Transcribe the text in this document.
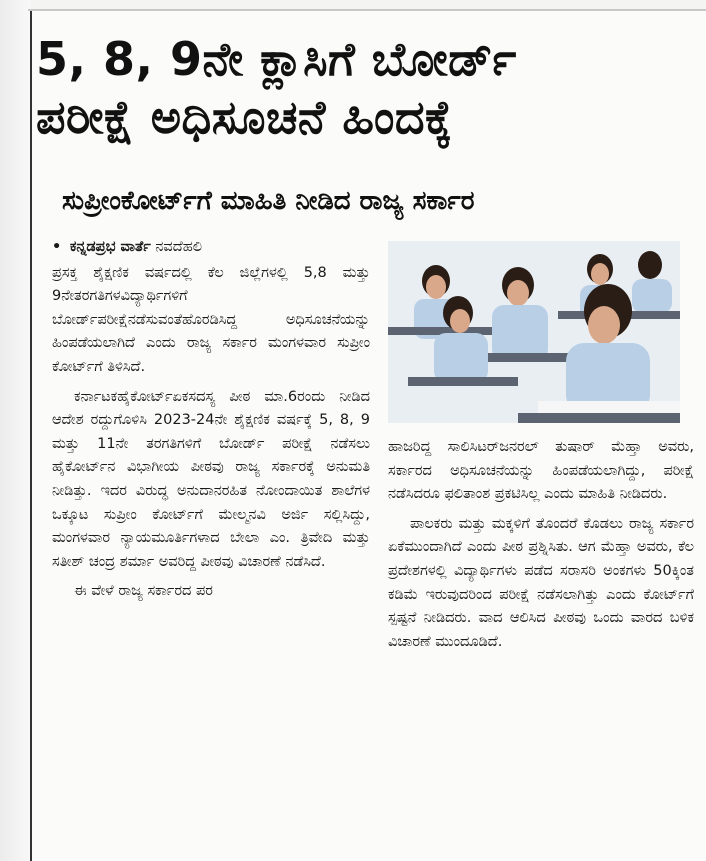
5, 8, 9ನೇ ಕ್ಲಾಸಿಗೆ ಬೋರ್ಡ್
ಪರೀಕ್ಷೆ ಅಧಿಸೂಚನೆ ಹಿಂದಕ್ಕೆ
ಸುಪ್ರೀಂಕೋರ್ಟ್‌ಗೆ ಮಾಹಿತಿ ನೀಡಿದ ರಾಜ್ಯ ಸರ್ಕಾರ
• ಕನ್ನಡಪ್ರಭ ವಾರ್ತೆ ನವದೆಹಲಿ

ಪ್ರಸಕ್ತ ಶೈಕ್ಷಣಿಕ ವರ್ಷದಲ್ಲಿ ಕೆಲ ಜಿಲ್ಲೆಗಳಲ್ಲಿ 5,8 ಮತ್ತು 9ನೇತರಗತಿಗಳವಿದ್ಯಾರ್ಥಿಗಳಿಗೆ ಬೋರ್ಡ್‌ಪರೀಕ್ಷೆನಡೆಸುವಂತೆಹೊರಡಿಸಿದ್ದ ಅಧಿಸೂಚನೆಯನ್ನು ಹಿಂಪಡೆಯಲಾಗಿದೆ ಎಂದು ರಾಜ್ಯ ಸರ್ಕಾರ ಮಂಗಳವಾರ ಸುಪ್ರೀಂ ಕೋರ್ಟ್‌ಗೆ ತಿಳಿಸಿದೆ.

ಕರ್ನಾಟಕಹೈಕೋರ್ಟ್‌ಏಕಸದಸ್ಯ ಪೀಠ ಮಾ.6ರಂದು ನೀಡಿದ ಆದೇಶ ರದ್ದುಗೊಳಿಸಿ 2023-24ನೇ ಶೈಕ್ಷಣಿಕ ವರ್ಷಕ್ಕೆ 5, 8, 9 ಮತ್ತು 11ನೇ ತರಗತಿಗಳಿಗೆ ಬೋರ್ಡ್ ಪರೀಕ್ಷೆ ನಡೆಸಲು ಹೈಕೋರ್ಟ್‌ನ ವಿಭಾಗೀಯ ಪೀಠವು ರಾಜ್ಯ ಸರ್ಕಾರಕ್ಕೆ ಅನುಮತಿ ನೀಡಿತ್ತು. ಇದರ ವಿರುದ್ಧ ಅನುದಾನರಹಿತ ನೋಂದಾಯಿತ ಶಾಲೆಗಳ ಒಕ್ಕೂಟ ಸುಪ್ರೀಂ ಕೋರ್ಟ್‌ಗೆ ಮೇಲ್ಮನವಿ ಅರ್ಜಿ ಸಲ್ಲಿಸಿದ್ದು, ಮಂಗಳವಾರ ನ್ಯಾಯಮೂರ್ತಿಗಳಾದ ಬೇಲಾ ಎಂ. ತ್ರಿವೇದಿ ಮತ್ತು ಸತೀಶ್ ಚಂದ್ರ ಶರ್ಮಾ ಅವರಿದ್ದ ಪೀಠವು ವಿಚಾರಣೆ ನಡೆಸಿದೆ.

ಈ ವೇಳೆ ರಾಜ್ಯ ಸರ್ಕಾರದ ಪರ

ಹಾಜರಿದ್ದ ಸಾಲಿಸಿಟರ್‌ಜನರಲ್ ತುಷಾರ್ ಮೆಹ್ತಾ ಅವರು, ಸರ್ಕಾರದ ಅಧಿಸೂಚನೆಯನ್ನು ಹಿಂಪಡೆಯಲಾಗಿದ್ದು, ಪರೀಕ್ಷೆ ನಡೆಸಿದರೂ ಫಲಿತಾಂಶ ಪ್ರಕಟಿಸಿಲ್ಲ ಎಂದು ಮಾಹಿತಿ ನೀಡಿದರು.

ಪಾಲಕರು ಮತ್ತು ಮಕ್ಕಳಿಗೆ ತೊಂದರೆ ಕೊಡಲು ರಾಜ್ಯ ಸರ್ಕಾರ ಏಕೆಮುಂದಾಗಿದೆ ಎಂದು ಪೀಠ ಪ್ರಶ್ನಿಸಿತು. ಆಗ ಮೆಹ್ತಾ ಅವರು, ಕೆಲ ಪ್ರದೇಶಗಳಲ್ಲಿ ವಿದ್ಯಾರ್ಥಿಗಳು ಪಡೆದ ಸರಾಸರಿ ಅಂಕಗಳು 50ಕ್ಕಿಂತ ಕಡಿಮೆ ಇರುವುದರಿಂದ ಪರೀಕ್ಷೆ ನಡೆಸಲಾಗಿತ್ತು ಎಂದು ಕೋರ್ಟ್‌ಗೆ ಸ್ಪಷ್ಟನೆ ನೀಡಿದರು. ವಾದ ಆಲಿಸಿದ ಪೀಠವು ಒಂದು ವಾರದ ಬಳಿಕ ವಿಚಾರಣೆ ಮುಂದೂಡಿದೆ.
